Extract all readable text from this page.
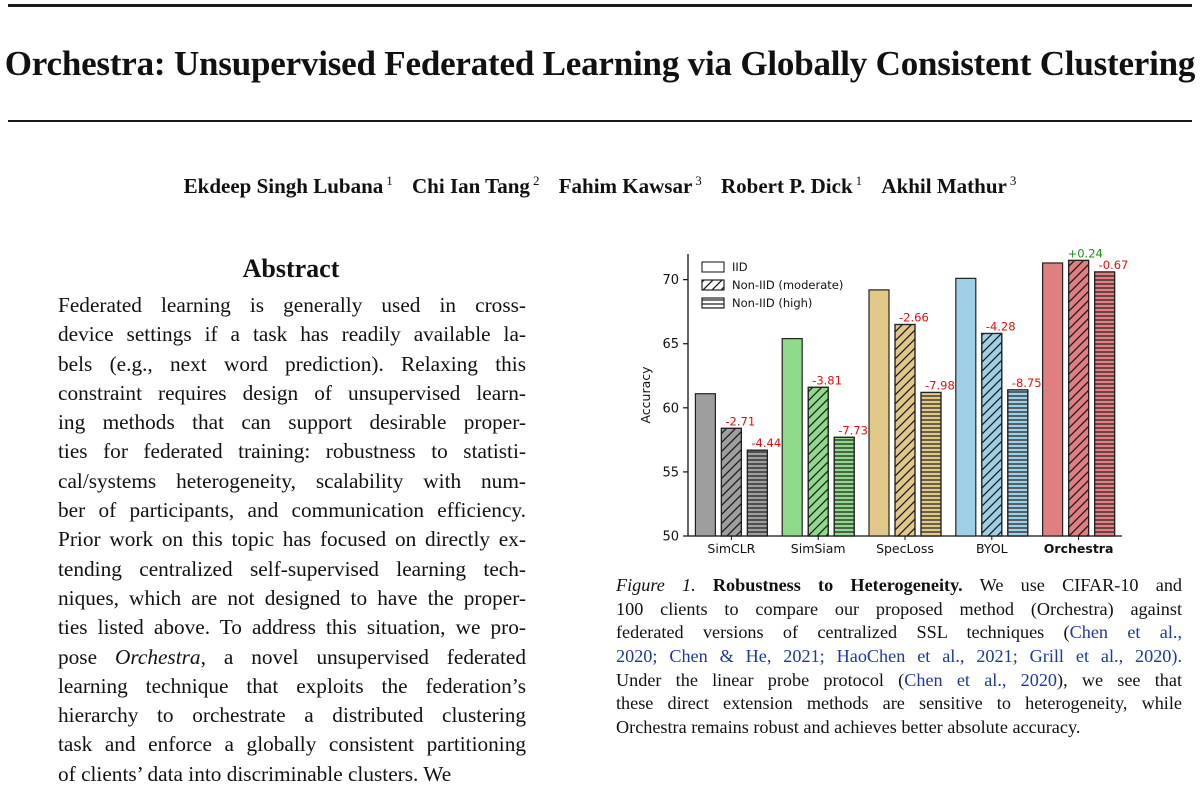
Orchestra: Unsupervised Federated Learning via Globally Consistent Clustering
Ekdeep Singh Lubana $^1$ Chi Ian Tang $^2$ Fahim Kawsar $^3$ Robert P. Dick $^1$ Akhil Mathur $^3$
Abstract
Federated learning is generally used in cross-
device settings if a task has readily available la-
bels (e.g., next word prediction). Relaxing this
constraint requires design of unsupervised learn-
ing methods that can support desirable proper-
ties for federated training: robustness to statisti-
cal/systems heterogeneity, scalability with num-
ber of participants, and communication efficiency.
Prior work on this topic has focused on directly ex-
tending centralized self-supervised learning tech-
niques, which are not designed to have the proper-
ties listed above. To address this situation, we pro-
pose Orchestra, a novel unsupervised federated
learning technique that exploits the federation’s
hierarchy to orchestrate a distributed clustering
task and enforce a globally consistent partitioning
of clients’ data into discriminable clusters. We
50
55
60
65
70
Accuracy	-2.71
-4.44
SimCLR
-3.81
-7.73
SimSiam
-2.66
-7.98
SpecLoss
-4.28
-8.75
BYOL
+0.24
-0.67
Orchestra
IID
Non-IID (moderate)
Non-IID (high)
Figure 1. Robustness to Heterogeneity. We use CIFAR-10 and
100 clients to compare our proposed method (Orchestra) against
federated versions of centralized SSL techniques (Chen et al.,
2020; Chen & He, 2021; HaoChen et al., 2021; Grill et al., 2020).
Under the linear probe protocol (Chen et al., 2020), we see that
these direct extension methods are sensitive to heterogeneity, while
Orchestra remains robust and achieves better absolute accuracy.
